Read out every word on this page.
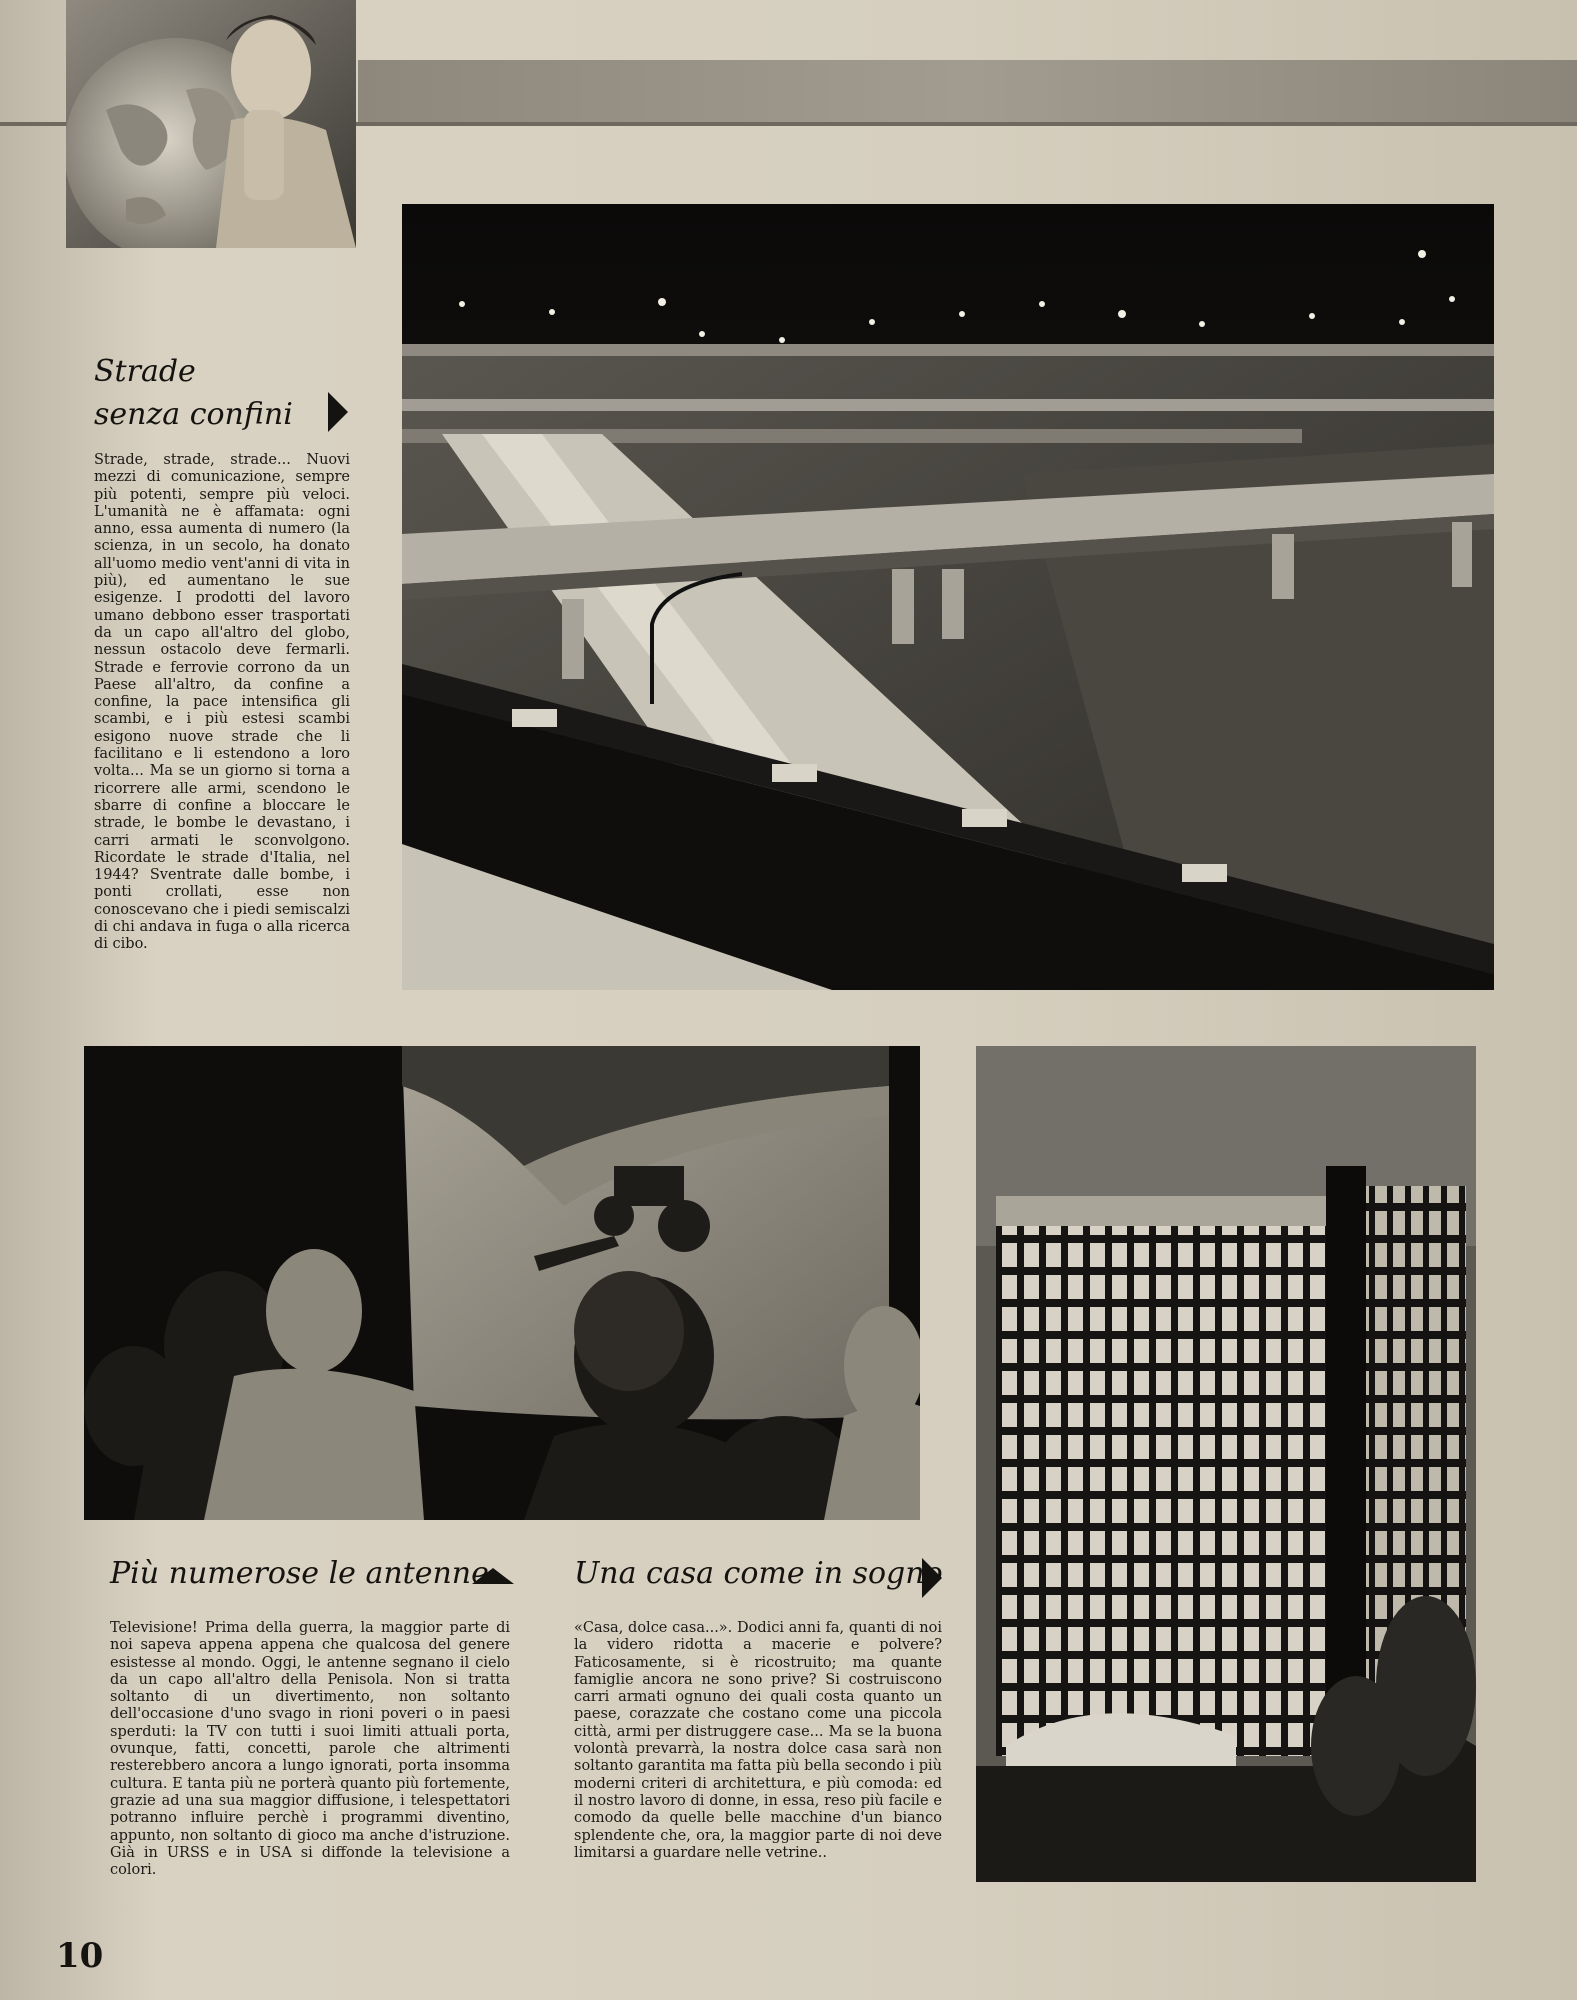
Strade

senza confini

Strade, strade, strade... Nuovi mezzi di comunicazione, sempre più potenti, sempre più veloci. L'umanità ne è affamata: ogni anno, essa aumenta di numero (la scienza, in un secolo, ha donato all'uomo medio vent'anni di vita in più), ed aumentano le sue esigenze. I prodotti del lavoro umano debbono esser trasportati da un capo all'altro del globo, nessun ostacolo deve fermarli. Strade e ferrovie corrono da un Paese all'altro, da confine a confine, la pace intensifica gli scambi, e i più estesi scambi esigono nuove strade che li facilitano e li estendono a loro volta... Ma se un giorno si torna a ricorrere alle armi, scendono le sbarre di confine a bloccare le strade, le bombe le devastano, i carri armati le sconvolgono. Ricordate le strade d'Italia, nel 1944? Sventrate dalle bombe, i ponti crollati, esse non conoscevano che i piedi semiscalzi di chi andava in fuga o alla ricerca di cibo.

Più numerose le antenne

Televisione! Prima della guerra, la maggior parte di noi sapeva appena appena che qualcosa del genere esistesse al mondo. Oggi, le antenne segnano il cielo da un capo all'altro della Penisola. Non si tratta soltanto di un divertimento, non soltanto dell'occasione d'uno svago in rioni poveri o in paesi sperduti: la TV con tutti i suoi limiti attuali porta, ovunque, fatti, concetti, parole che altrimenti resterebbero ancora a lungo ignorati, porta insomma cultura. E tanta più ne porterà quanto più fortemente, grazie ad una sua maggior diffusione, i telespettatori potranno influire perchè i programmi diventino, appunto, non soltanto di gioco ma anche d'istruzione. Già in URSS e in USA si diffonde la televisione a colori.

Una casa come in sogno

«Casa, dolce casa...». Dodici anni fa, quanti di noi la videro ridotta a macerie e polvere? Faticosamente, si è ricostruito; ma quante famiglie ancora ne sono prive? Si costruiscono carri armati ognuno dei quali costa quanto un paese, corazzate che costano come una piccola città, armi per distruggere case... Ma se la buona volontà prevarrà, la nostra dolce casa sarà non soltanto garantita ma fatta più bella secondo i più moderni criteri di architettura, e più comoda: ed il nostro lavoro di donne, in essa, reso più facile e comodo da quelle belle macchine d'un bianco splendente che, ora, la maggior parte di noi deve limitarsi a guardare nelle vetrine..

10
